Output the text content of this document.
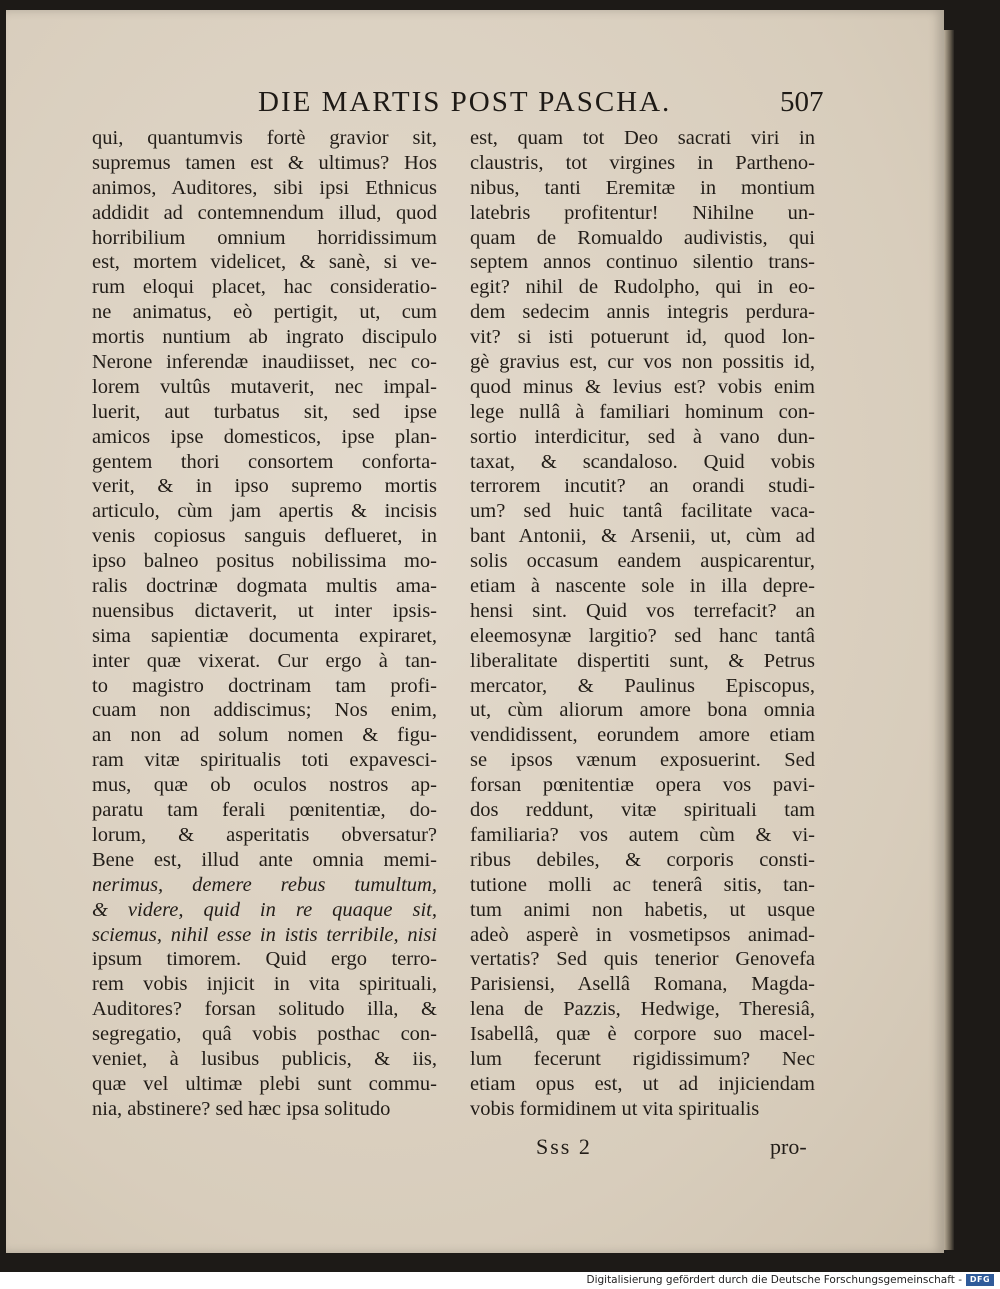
DIE MARTIS POST PASCHA.	507
qui, quantumvis fortè gravior sit,
supremus tamen est & ultimus? Hos
animos, Auditores, sibi ipsi Ethnicus
addidit ad contemnendum illud, quod
horribilium omnium horridissimum
est, mortem videlicet, & sanè, si ve-
rum eloqui placet, hac consideratio-
ne animatus, eò pertigit, ut, cum
mortis nuntium ab ingrato discipulo
Nerone inferendæ inaudiisset, nec co-
lorem vultûs mutaverit, nec impal-
luerit, aut turbatus sit, sed ipse
amicos ipse domesticos, ipse plan-
gentem thori consortem conforta-
verit, & in ipso supremo mortis
articulo, cùm jam apertis & incisis
venis copiosus sanguis deflueret, in
ipso balneo positus nobilissima mo-
ralis doctrinæ dogmata multis ama-
nuensibus dictaverit, ut inter ipsis-
sima sapientiæ documenta expiraret,
inter quæ vixerat. Cur ergo à tan-
to magistro doctrinam tam profi-
cuam non addiscimus; Nos enim,
an non ad solum nomen & figu-
ram vitæ spiritualis toti expavesci-
mus, quæ ob oculos nostros ap-
paratu tam ferali pœnitentiæ, do-
lorum, & asperitatis obversatur?
Bene est, illud ante omnia memi-
nerimus, demere rebus tumultum,
& videre, quid in re quaque sit,
sciemus, nihil esse in istis terribile, nisi
ipsum timorem. Quid ergo terro-
rem vobis injicit in vita spirituali,
Auditores? forsan solitudo illa, &
segregatio, quâ vobis posthac con-
veniet, à lusibus publicis, & iis,
quæ vel ultimæ plebi sunt commu-
nia, abstinere? sed hæc ipsa solitudo
est, quam tot Deo sacrati viri in
claustris, tot virgines in Partheno-
nibus, tanti Eremitæ in montium
latebris profitentur! Nihilne un-
quam de Romualdo audivistis, qui
septem annos continuo silentio trans-
egit? nihil de Rudolpho, qui in eo-
dem sedecim annis integris perdura-
vit? si isti potuerunt id, quod lon-
gè gravius est, cur vos non possitis id,
quod minus & levius est? vobis enim
lege nullâ à familiari hominum con-
sortio interdicitur, sed à vano dun-
taxat, & scandaloso. Quid vobis
terrorem incutit? an orandi studi-
um? sed huic tantâ facilitate vaca-
bant Antonii, & Arsenii, ut, cùm ad
solis occasum eandem auspicarentur,
etiam à nascente sole in illa depre-
hensi sint. Quid vos terrefacit? an
eleemosynæ largitio? sed hanc tantâ
liberalitate dispertiti sunt, & Petrus
mercator, & Paulinus Episcopus,
ut, cùm aliorum amore bona omnia
vendidissent, eorundem amore etiam
se ipsos vænum exposuerint. Sed
forsan pœnitentiæ opera vos pavi-
dos reddunt, vitæ spirituali tam
familiaria? vos autem cùm & vi-
ribus debiles, & corporis consti-
tutione molli ac tenerâ sitis, tan-
tum animi non habetis, ut usque
adeò asperè in vosmetipsos animad-
vertatis? Sed quis tenerior Genovefa
Parisiensi, Asellâ Romana, Magda-
lena de Pazzis, Hedwige, Theresiâ,
Isabellâ, quæ è corpore suo macel-
lum fecerunt rigidissimum? Nec
etiam opus est, ut ad injiciendam
vobis formidinem ut vita spiritualis
Sss 2	pro-
Digitalisierung gefördert durch die Deutsche Forschungsgemeinschaft - DFG
